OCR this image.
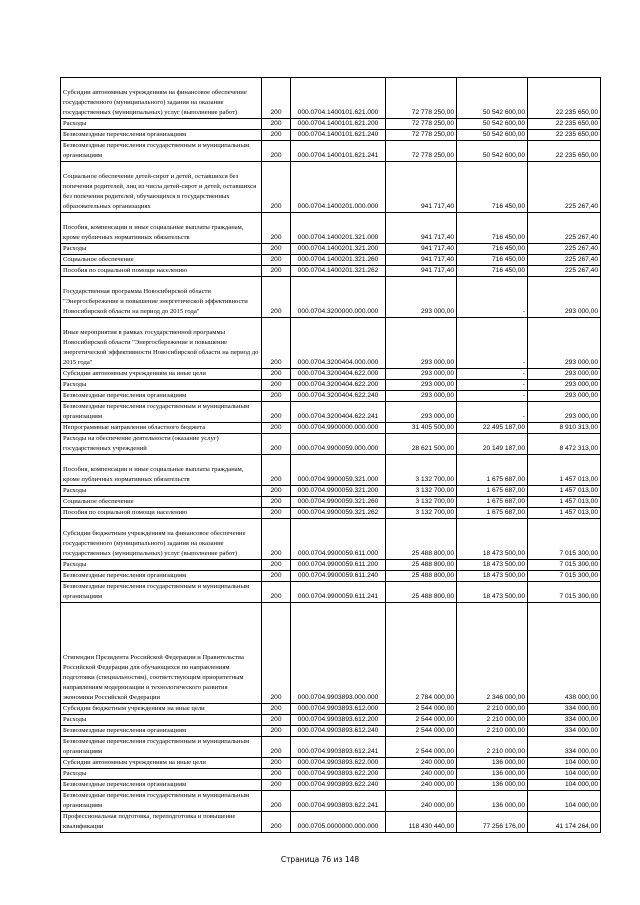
Субсидии автономным учреждениям на финансовое обеспечение государственного (муниципального) задания на оказание государственных (муниципальных) услуг (выполнение работ)	200	000.0704.1400101.621.000	72 778 250,00	50 542 600,00	22 235 650,00
Расходы	200	000.0704.1400101.621.200	72 778 250,00	50 542 600,00	22 235 650,00
Безвозмездные перечисления организациям	200	000.0704.1400101.621.240	72 778 250,00	50 542 600,00	22 235 650,00
Безвозмездные перечисления государственным и муниципальным организациям	200	000.0704.1400101.621.241	72 778 250,00	50 542 600,00	22 235 650,00
Социальное обеспечение детей-сирот и детей, оставшихся без попечения родителей, лиц из числа детей-сирот и детей, оставшихся без попечения родителей, обучающихся в государственных образовательных организациях	200	000.0704.1400201.000.000	941 717,40	716 450,00	225 267,40
Пособия, компенсации и иные социальные выплаты гражданам, кроме публичных нормативных обязательств	200	000.0704.1400201.321.000	941 717,40	716 450,00	225 267,40
Расходы	200	000.0704.1400201.321.200	941 717,40	716 450,00	225 267,40
Социальное обеспечение	200	000.0704.1400201.321.260	941 717,40	716 450,00	225 267,40
Пособия по социальной помощи населению	200	000.0704.1400201.321.262	941 717,40	716 450,00	225 267,40
Государственная программа Новосибирской области "Энергосбережение и повышение энергетической эффективности Новосибирской области на период до 2015 года"	200	000.0704.3200000.000.000	293 000,00	-	293 000,00
Иные мероприятия в рамках государственной программы Новосибирской области "Энергосбережение и повышение энергетической эффективности Новосибирской области на период до 2015 года"	200	000.0704.3200404.000.000	293 000,00	-	293 000,00
Субсидии автономным учреждениям на иные цели	200	000.0704.3200404.622.000	293 000,00	-	293 000,00
Расходы	200	000.0704.3200404.622.200	293 000,00	-	293 000,00
Безвозмездные перечисления организациям	200	000.0704.3200404.622.240	293 000,00	-	293 000,00
Безвозмездные перечисления государственным и муниципальным организациям	200	000.0704.3200404.622.241	293 000,00	-	293 000,00
Непрограммные направления областного бюджета	200	000.0704.9900000.000.000	31 405 500,00	22 495 187,00	8 910 313,00
Расходы на обеспечение деятельности (оказание услуг) государственных учреждений	200	000.0704.9900059.000.000	28 621 500,00	20 149 187,00	8 472 313,00
Пособия, компенсации и иные социальные выплаты гражданам, кроме публичных нормативных обязательств	200	000.0704.9900059.321.000	3 132 700,00	1 675 687,00	1 457 013,00
Расходы	200	000.0704.9900059.321.200	3 132 700,00	1 675 687,00	1 457 013,00
Социальное обеспечение	200	000.0704.9900059.321.260	3 132 700,00	1 675 687,00	1 457 013,00
Пособия по социальной помощи населению	200	000.0704.9900059.321.262	3 132 700,00	1 675 687,00	1 457 013,00
Субсидии бюджетным учреждениям на финансовое обеспечение государственного (муниципального) задания на оказание государственных (муниципальных) услуг (выполнение работ)	200	000.0704.9900059.611.000	25 488 800,00	18 473 500,00	7 015 300,00
Расходы	200	000.0704.9900059.611.200	25 488 800,00	18 473 500,00	7 015 300,00
Безвозмездные перечисления организациям	200	000.0704.9900059.611.240	25 488 800,00	18 473 500,00	7 015 300,00
Безвозмездные перечисления государственным и муниципальным организациям	200	000.0704.9900059.611.241	25 488 800,00	18 473 500,00	7 015 300,00
Стипендии Президента Российской Федерации и Правительства Российской Федерации для обучающихся по направлениям подготовки (специальностям), соответствующим приоритетным направлениям модернизации и технологического развития экономики Российской Федерации	200	000.0704.9903893.000.000	2 784 000,00	2 346 000,00	438 000,00
Субсидии бюджетным учреждениям на иные цели	200	000.0704.9903893.612.000	2 544 000,00	2 210 000,00	334 000,00
Расходы	200	000.0704.9903893.612.200	2 544 000,00	2 210 000,00	334 000,00
Безвозмездные перечисления организациям	200	000.0704.9903893.612.240	2 544 000,00	2 210 000,00	334 000,00
Безвозмездные перечисления государственным и муниципальным организациям	200	000.0704.9903893.612.241	2 544 000,00	2 210 000,00	334 000,00
Субсидии автономным учреждениям на иные цели	200	000.0704.9903893.622.000	240 000,00	136 000,00	104 000,00
Расходы	200	000.0704.9903893.622.200	240 000,00	136 000,00	104 000,00
Безвозмездные перечисления организациям	200	000.0704.9903893.622.240	240 000,00	136 000,00	104 000,00
Безвозмездные перечисления государственным и муниципальным организациям	200	000.0704.9903893.622.241	240 000,00	136 000,00	104 000,00
Профессиональная подготовка, переподготовка и повышение квалификации	200	000.0705.0000000.000.000	118 430 440,00	77 256 176,00	41 174 264,00
Страница 76 из 148
